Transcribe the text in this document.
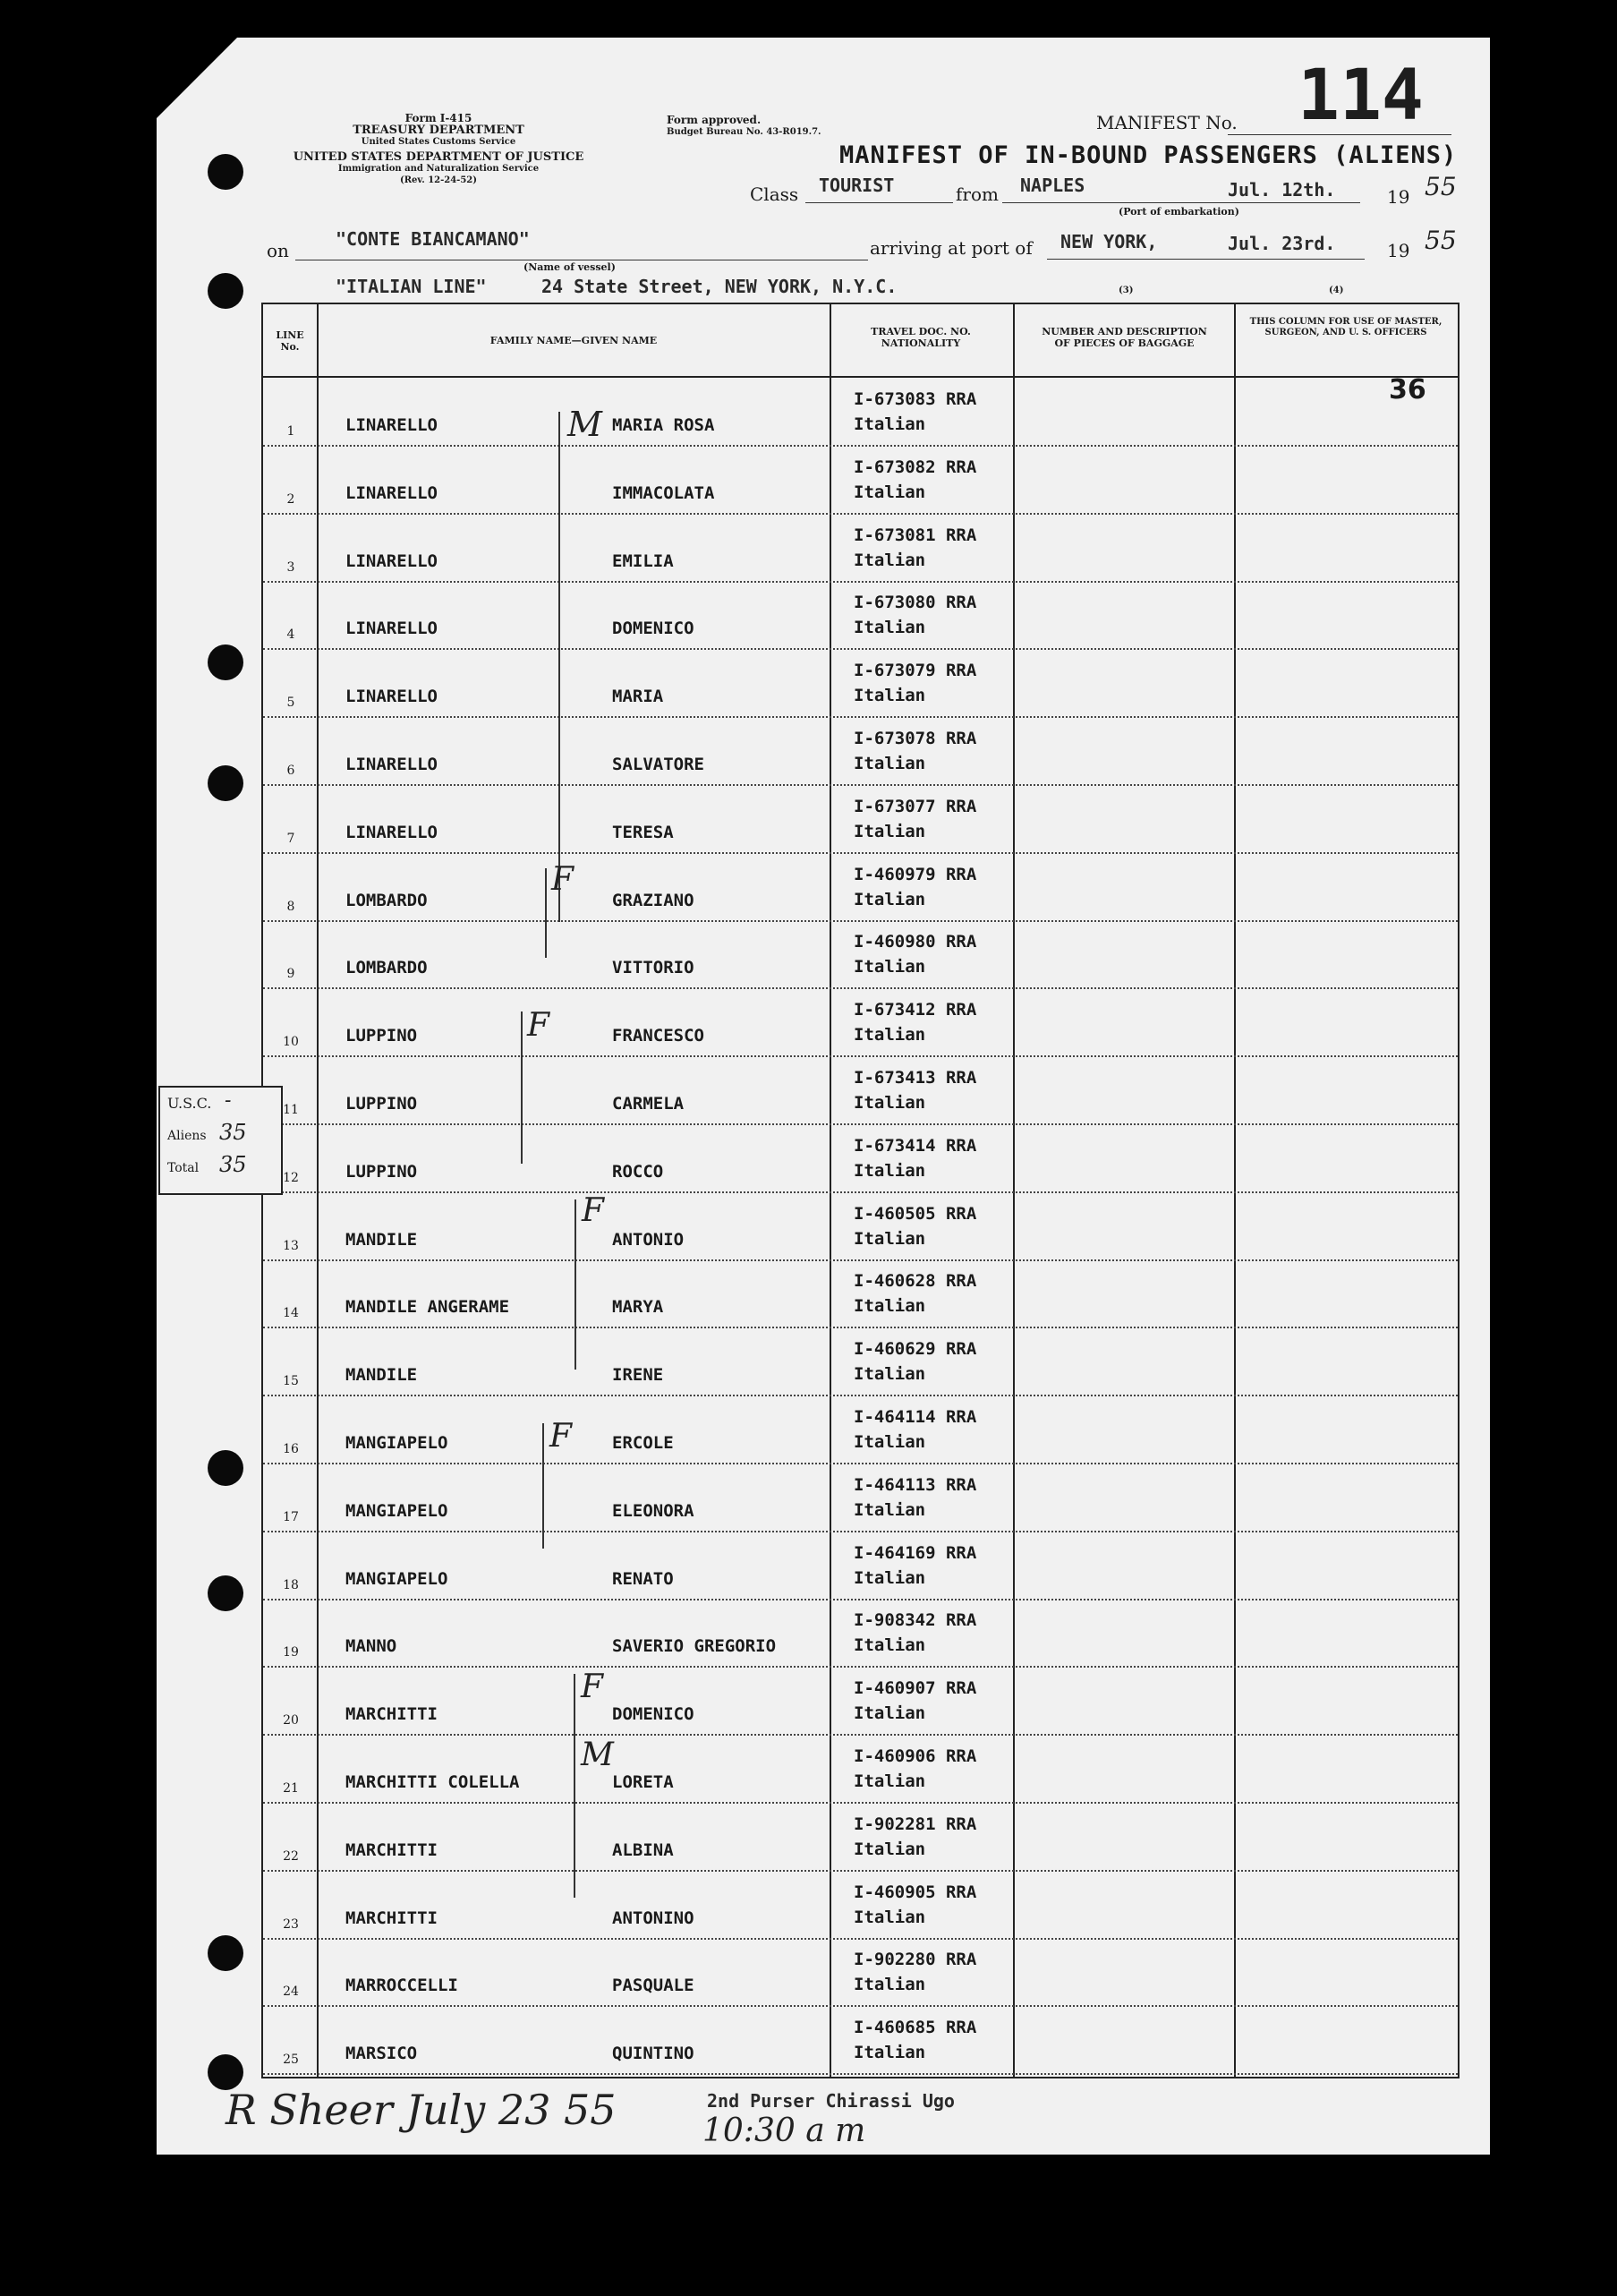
Form I-415
TREASURY DEPARTMENT
United States Customs Service
UNITED STATES DEPARTMENT OF JUSTICE
Immigration and Naturalization Service
(Rev. 12-24-52)
Form approved.
Budget Bureau No. 43-R019.7.	MANIFEST No. 114
MANIFEST OF IN-BOUND PASSENGERS (ALIENS)
Class TOURIST	from NAPLES	Jul. 12th.	19 55
(Port of embarkation)
on
"CONTE BIANCAMANO"
(Name of vessel)
arriving at port of NEW YORK,	Jul. 23rd.	19 55
"ITALIAN LINE"	24 State Street, NEW YORK, N.Y.C.	(3)	(4)
LINE No.
FAMILY NAME—GIVEN NAME
TRAVEL DOC. NO. NATIONALITY
NUMBER AND DESCRIPTION OF PIECES OF BAGGAGE
THIS COLUMN FOR USE OF MASTER, SURGEON, AND U. S. OFFICERS
36
1	LINARELLO	MARIA ROSA
I-673083 RRA
Italian
2	LINARELLO	IMMACOLATA
I-673082 RRA
Italian
3	LINARELLO	EMILIA
I-673081 RRA
Italian
4	LINARELLO	DOMENICO
I-673080 RRA
Italian
5	LINARELLO	MARIA
I-673079 RRA
Italian
6	LINARELLO	SALVATORE
I-673078 RRA
Italian
7	LINARELLO	TERESA
I-673077 RRA
Italian
8	LOMBARDO	GRAZIANO
I-460979 RRA
Italian
9	LOMBARDO	VITTORIO
I-460980 RRA
Italian
10	LUPPINO	FRANCESCO
I-673412 RRA
Italian
11	LUPPINO	CARMELA
I-673413 RRA
Italian
12	LUPPINO	ROCCO
I-673414 RRA
Italian
13	MANDILE	ANTONIO
I-460505 RRA
Italian
14	MANDILE ANGERAME	MARYA
I-460628 RRA
Italian
15	MANDILE	IRENE
I-460629 RRA
Italian
16	MANGIAPELO	ERCOLE
I-464114 RRA
Italian
17	MANGIAPELO	ELEONORA
I-464113 RRA
Italian
18	MANGIAPELO	RENATO
I-464169 RRA
Italian
19	MANNO	SAVERIO GREGORIO
I-908342 RRA
Italian
20	MARCHITTI	DOMENICO
I-460907 RRA
Italian
21	MARCHITTI COLELLA	LORETA
I-460906 RRA
Italian
22	MARCHITTI	ALBINA
I-902281 RRA
Italian
23	MARCHITTI	ANTONINO
I-460905 RRA
Italian
24	MARROCCELLI	PASQUALE
I-902280 RRA
Italian
25	MARSICO	QUINTINO
I-460685 RRA
Italian
M
F
F
F
F
F
M
U.S.C. -
Aliens 35
Total 35
R Sheer July 23 55	2nd Purser Chirassi Ugo
10:30 a m
